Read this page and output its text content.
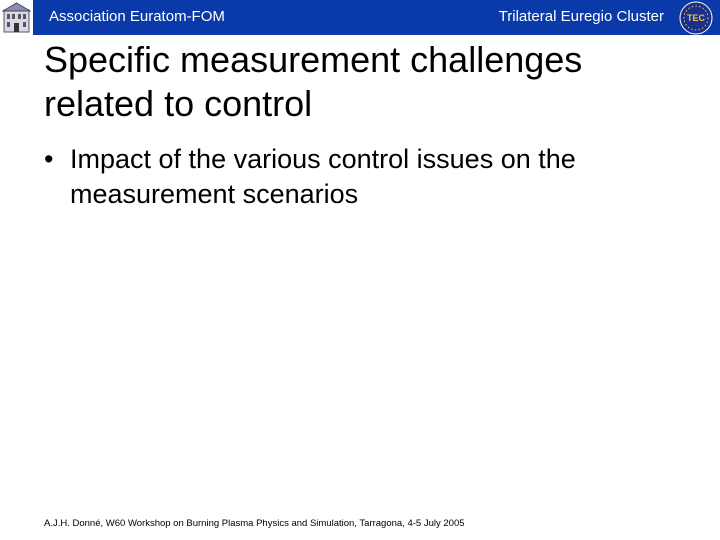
Association Euratom-FOM	Trilateral Euregio Cluster	TEC
Specific measurement challenges
related to control
• Impact of the various control issues on the
measurement scenarios
A.J.H. Donné, W60 Workshop on Burning Plasma Physics and Simulation, Tarragona, 4-5 July 2005
